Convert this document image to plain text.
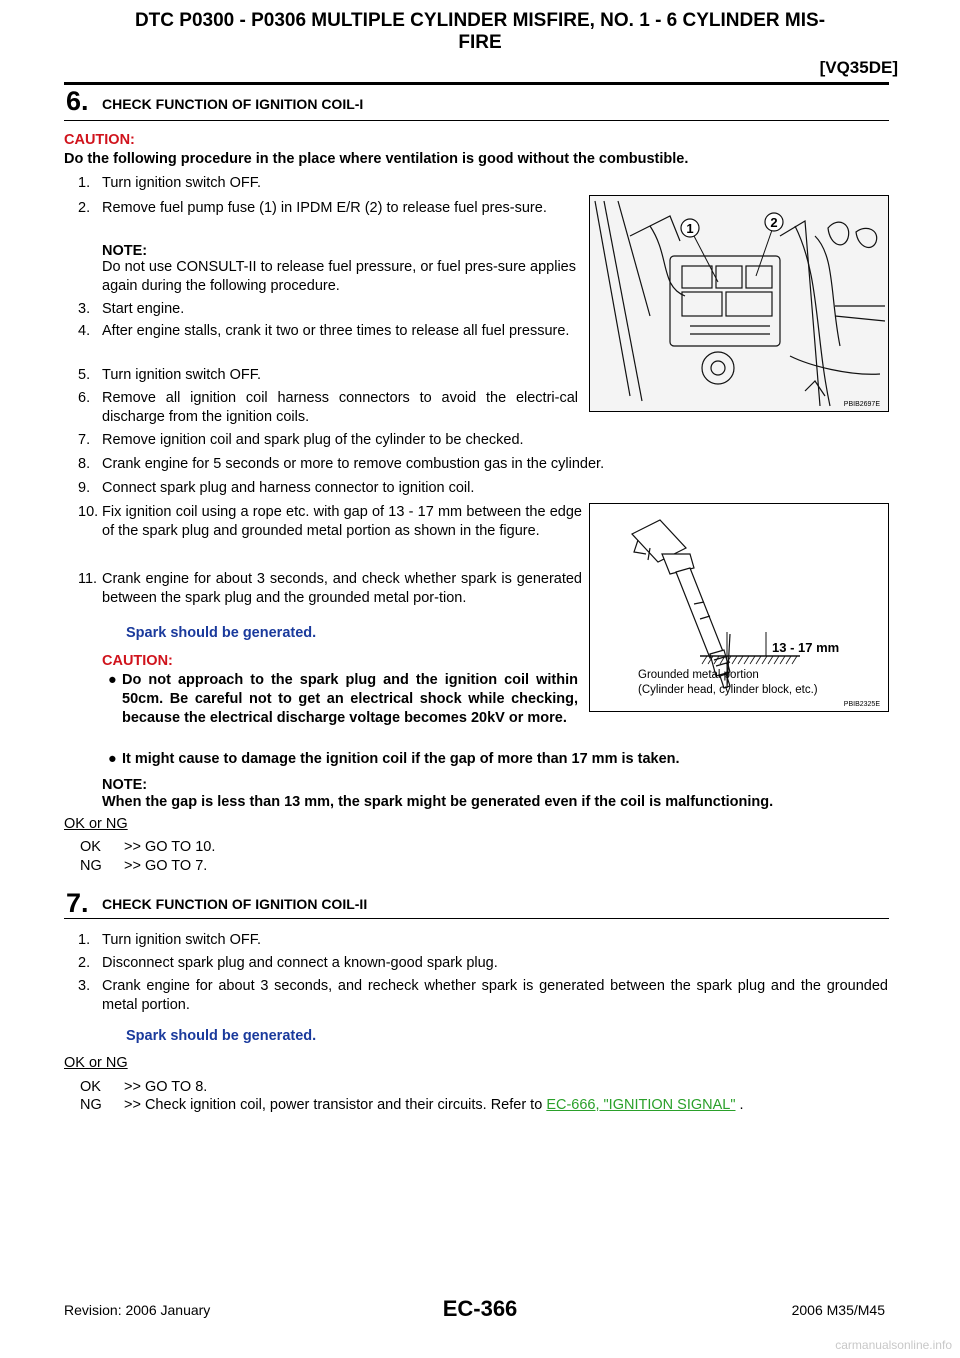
DTC P0300 - P0306 MULTIPLE CYLINDER MISFIRE, NO. 1 - 6 CYLINDER MIS-
FIRE
[VQ35DE]
6. CHECK FUNCTION OF IGNITION COIL-I
CAUTION:
Do the following procedure in the place where ventilation is good without the combustible.
1. Turn ignition switch OFF.
2. Remove fuel pump fuse (1) in IPDM E/R (2) to release fuel pres-sure.
NOTE:
Do not use CONSULT-II to release fuel pressure, or fuel pres-sure applies again during the following procedure.
3. Start engine.
4. After engine stalls, crank it two or three times to release all fuel pressure.
5. Turn ignition switch OFF.
6. Remove all ignition coil harness connectors to avoid the electri-cal discharge from the ignition coils.
1	2
PBIB2697E
7. Remove ignition coil and spark plug of the cylinder to be checked.
8. Crank engine for 5 seconds or more to remove combustion gas in the cylinder.
9. Connect spark plug and harness connector to ignition coil.
10. Fix ignition coil using a rope etc. with gap of 13 - 17 mm between the edge of the spark plug and grounded metal portion as shown in the figure.
11. Crank engine for about 3 seconds, and check whether spark is generated between the spark plug and the grounded metal por-tion.
Spark should be generated.
CAUTION:
● Do not approach to the spark plug and the ignition coil within 50cm. Be careful not to get an electrical shock while checking, because the electrical discharge voltage becomes 20kV or more.
● It might cause to damage the ignition coil if the gap of more than 17 mm is taken.
NOTE:
When the gap is less than 13 mm, the spark might be generated even if the coil is malfunctioning.
13 - 17 mm
Grounded metal portion
(Cylinder head, cylinder block, etc.)
PBIB2325E
OK or NG
OK >> GO TO 10.
NG >> GO TO 7.
7. CHECK FUNCTION OF IGNITION COIL-II
1. Turn ignition switch OFF.
2. Disconnect spark plug and connect a known-good spark plug.
3. Crank engine for about 3 seconds, and recheck whether spark is generated between the spark plug and the grounded metal portion.
Spark should be generated.
OK or NG
OK >> GO TO 8.
NG >> Check ignition coil, power transistor and their circuits. Refer to EC-666, "IGNITION SIGNAL" .
Revision: 2006 January	EC-366	2006 M35/M45
carmanualsonline.info
